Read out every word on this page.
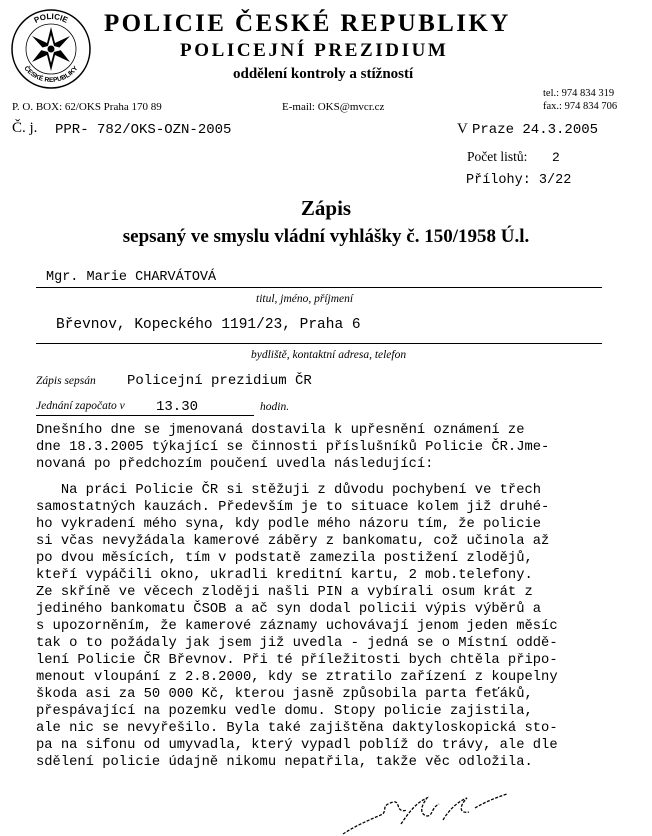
POLICIE
ČESKÉ REPUBLIKY
POLICIE ČESKÉ REPUBLIKY
POLICEJNÍ PREZIDIUM
oddělení kontroly a stížností
tel.: 974 834 319
P. O. BOX: 62/OKS Praha 170 89	E-mail: OKS@mvcr.cz	fax.: 974 834 706
Č. j. PPR- 782/OKS-OZN-2005	V Praze 24.3.2005
Počet listů: 2
Přílohy: 3/22
Zápis
sepsaný ve smyslu vládní vyhlášky č. 150/1958 Ú.l.
Mgr. Marie CHARVÁTOVÁ
titul, jméno, příjmení
Břevnov, Kopeckého 1191/23, Praha 6
bydliště, kontaktní adresa, telefon
Zápis sepsán Policejní prezidium ČR
Jednání započato v 13.30	hodin.
Dnešního dne se jmenovaná dostavila k upřesnění oznámení ze
dne 18.3.2005 týkající se činnosti příslušníků Policie ČR.Jme-
novaná po předchozím poučení uvedla následující:
Na práci Policie ČR si stěžuji z důvodu pochybení ve třech
samostatných kauzách. Především je to situace kolem již druhé-
ho vykradení mého syna, kdy podle mého názoru tím, že policie
si včas nevyžádala kamerové záběry z bankomatu, což učinola až
po dvou měsících, tím v podstatě zamezila postižení zlodějů,
kteří vypáčili okno, ukradli kreditní kartu, 2 mob.telefony.
Ze skříně ve věcech zloději našli PIN a vybírali osum krát z
jediného bankomatu ČSOB a ač syn dodal policii výpis výběrů a
s upozorněním, že kamerové záznamy uchovávají jenom jeden měsíc
tak o to požádaly jak jsem již uvedla - jedná se o Místní oddě-
lení Policie ČR Břevnov. Při té příležitosti bych chtěla připo-
menout vloupání z 2.8.2000, kdy se ztratilo zařízení z koupelny
škoda asi za 50 000 Kč, kterou jasně způsobila parta feťáků,
přespávající na pozemku vedle domu. Stopy policie zajistila,
ale nic se nevyřešilo. Byla také zajištěna daktyloskopická sto-
pa na sifonu od umyvadla, který vypadl poblíž do trávy, ale dle
sdělení policie údajně nikomu nepatřila, takže věc odložila.
